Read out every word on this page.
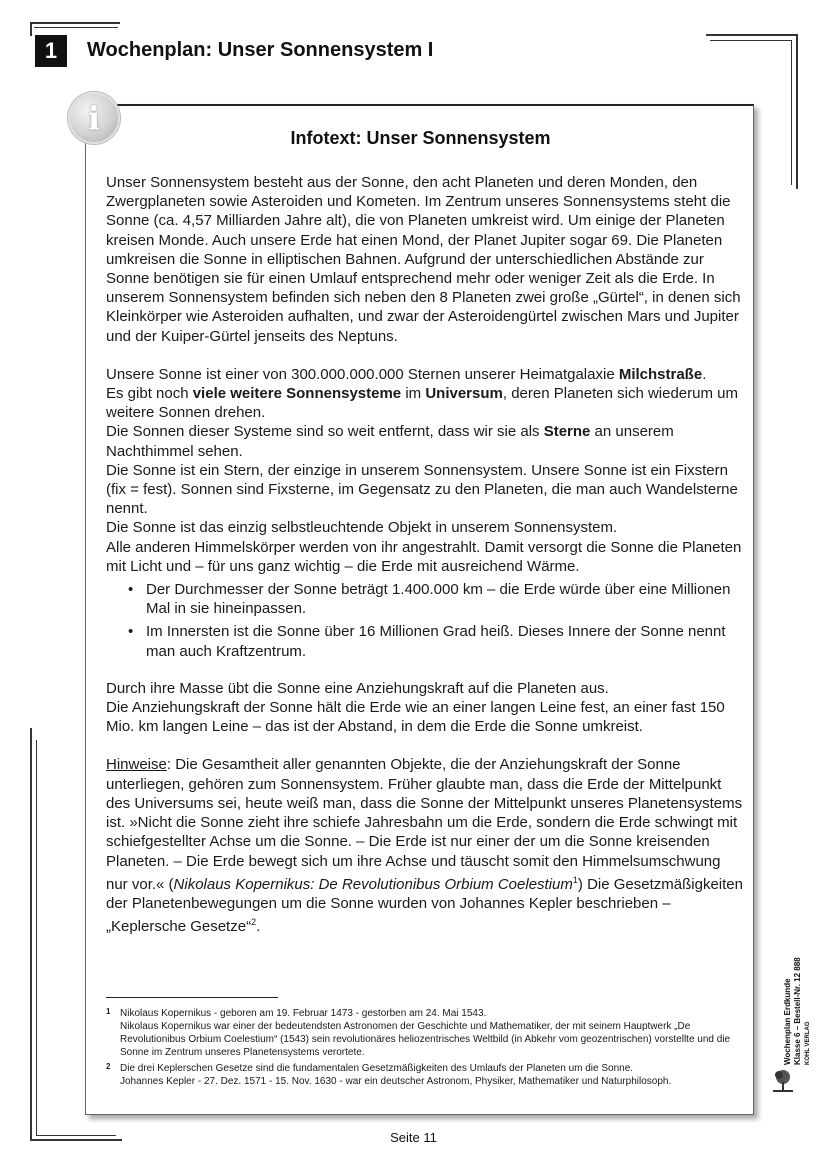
1	Wochenplan: Unser Sonnensystem I
i
Infotext: Unser Sonnensystem

Unser Sonnensystem besteht aus der Sonne, den acht Planeten und deren Monden, den Zwergplaneten sowie Asteroiden und Kometen. Im Zentrum unseres Sonnensystems steht die Sonne (ca. 4,57 Milliarden Jahre alt), die von Planeten umkreist wird. Um einige der Planeten kreisen Monde. Auch unsere Erde hat einen Mond, der Planet Jupiter sogar 69. Die Planeten umkreisen die Sonne in elliptischen Bahnen. Aufgrund der unterschiedlichen Abstände zur Sonne benötigen sie für einen Umlauf entsprechend mehr oder weniger Zeit als die Erde. In unserem Sonnensystem befinden sich neben den 8 Planeten zwei große „Gürtel“, in denen sich Kleinkörper wie Asteroiden aufhalten, und zwar der Asteroidengürtel zwischen Mars und Jupiter und der Kuiper-Gürtel jenseits des Neptuns.

Unsere Sonne ist einer von 300.000.000.000 Sternen unserer Heimatgalaxie Milchstraße.

Es gibt noch viele weitere Sonnensysteme im Universum, deren Planeten sich wiederum um weitere Sonnen drehen.

Die Sonnen dieser Systeme sind so weit entfernt, dass wir sie als Sterne an unserem Nachthimmel sehen.

Die Sonne ist ein Stern, der einzige in unserem Sonnensystem. Unsere Sonne ist ein Fixstern (fix = fest). Sonnen sind Fixsterne, im Gegensatz zu den Planeten, die man auch Wandelsterne nennt.

Die Sonne ist das einzig selbstleuchtende Objekt in unserem Sonnensystem.

Alle anderen Himmelskörper werden von ihr angestrahlt. Damit versorgt die Sonne die Planeten mit Licht und – für uns ganz wichtig – die Erde mit ausreichend Wärme.

• Der Durchmesser der Sonne beträgt 1.400.000 km – die Erde würde über eine Millionen Mal in sie hineinpassen.
• Im Innersten ist die Sonne über 16 Millionen Grad heiß. Dieses Innere der Sonne nennt man auch Kraftzentrum.

Durch ihre Masse übt die Sonne eine Anziehungskraft auf die Planeten aus.

Die Anziehungskraft der Sonne hält die Erde wie an einer langen Leine fest, an einer fast 150 Mio. km langen Leine – das ist der Abstand, in dem die Erde die Sonne umkreist.

Hinweise: Die Gesamtheit aller genannten Objekte, die der Anziehungskraft der Sonne unterliegen, gehören zum Sonnensystem. Früher glaubte man, dass die Erde der Mittelpunkt des Universums sei, heute weiß man, dass die Sonne der Mittelpunkt unseres Planetensystems ist. »Nicht die Sonne zieht ihre schiefe Jahresbahn um die Erde, sondern die Erde schwingt mit schiefgestellter Achse um die Sonne. – Die Erde ist nur einer der um die Sonne kreisenden Planeten. – Die Erde bewegt sich um ihre Achse und täuscht somit den Himmelsumschwung nur vor.« (Nikolaus Kopernikus: De Revolutionibus Orbium Coelestium$^1$) Die Gesetzmäßigkeiten der Planetenbewegungen um die Sonne wurden von Johannes Kepler beschrieben – „Keplersche Gesetze“$^2$.

1 Nikolaus Kopernikus - geboren am 19. Februar 1473 - gestorben am 24. Mai 1543.
Nikolaus Kopernikus war einer der bedeutendsten Astronomen der Geschichte und Mathematiker, der mit seinem Hauptwerk „De Revolutionibus Orbium Coelestium“ (1543) sein revolutionäres heliozentrisches Weltbild (in Abkehr vom geozentrischen) vorstellte und die Sonne im Zentrum unseres Planetensystems verortete.
2 Die drei Keplerschen Gesetze sind die fundamentalen Gesetzmäßigkeiten des Umlaufs der Planeten um die Sonne.
Johannes Kepler - 27. Dez. 1571 - 15. Nov. 1630 - war ein deutscher Astronom, Physiker, Mathematiker und Naturphilosoph.
Wochenplan Erdkunde Klasse 6 – Bestell-Nr. 12 888 KOHL VERLAG
Seite 11
